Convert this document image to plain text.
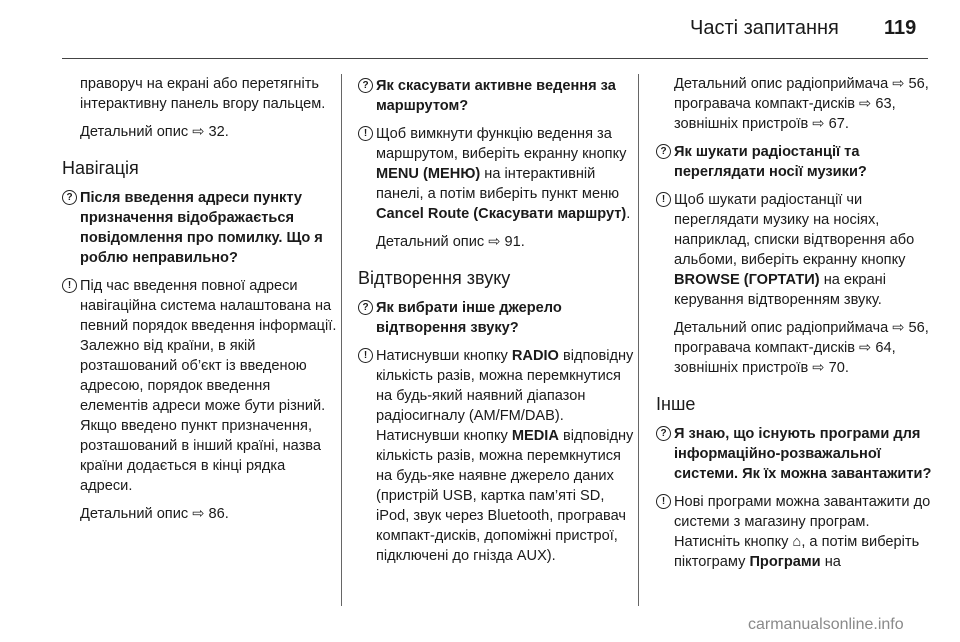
Часті запитання 119

праворуч на екрані або перетягніть інтерактивну панель вгору пальцем.

Детальний опис ⇨ 32.

Навігація

? Після введення адреси пункту призначення відображається повідомлення про помилку. Що я роблю неправильно?

! Під час введення повної адреси навігаційна система налаштована на певний порядок введення інформації. Залежно від країни, в якій розташований об’єкт із введеною адресою, порядок введення елементів адреси може бути різний. Якщо введено пункт призначення, розташований в інший країні, назва країни додається в кінці рядка адреси.

Детальний опис ⇨ 86.

? Як скасувати активне ведення за маршрутом?

! Щоб вимкнути функцію ведення за маршрутом, виберіть екранну кнопку MENU (МЕНЮ) на інтерактивній панелі, а потім виберіть пункт меню Cancel Route (Скасувати маршрут).

Детальний опис ⇨ 91.

Відтворення звуку

? Як вибрати інше джерело відтворення звуку?

! Натиснувши кнопку RADIO відповідну кількість разів, можна перемкнутися на будь-який наявний діапазон радіосигналу (AM/FM/DAB). Натиснувши кнопку MEDIA відповідну кількість разів, можна перемкнутися на будь-яке наявне джерело даних (пристрій USB, картка пам’яті SD, iPod, звук через Bluetooth, програвач компакт-дисків, допоміжні пристрої, підключені до гнізда AUX).

Детальний опис радіоприймача ⇨ 56, програвача компакт-дисків ⇨ 63, зовнішніх пристроїв ⇨ 67.

? Як шукати радіостанції та переглядати носії музики?

! Щоб шукати радіостанції чи переглядати музику на носіях, наприклад, списки відтворення або альбоми, виберіть екранну кнопку BROWSE (ГОРТАТИ) на екрані керування відтворенням звуку.

Детальний опис радіоприймача ⇨ 56, програвача компакт-дисків ⇨ 64, зовнішніх пристроїв ⇨ 70.

Інше

? Я знаю, що існують програми для інформаційно-розважальної системи. Як їх можна завантажити?

! Нові програми можна завантажити до системи з магазину програм. Натисніть кнопку ⌂, а потім виберіть піктограму Програми на

carmanualsonline.info
